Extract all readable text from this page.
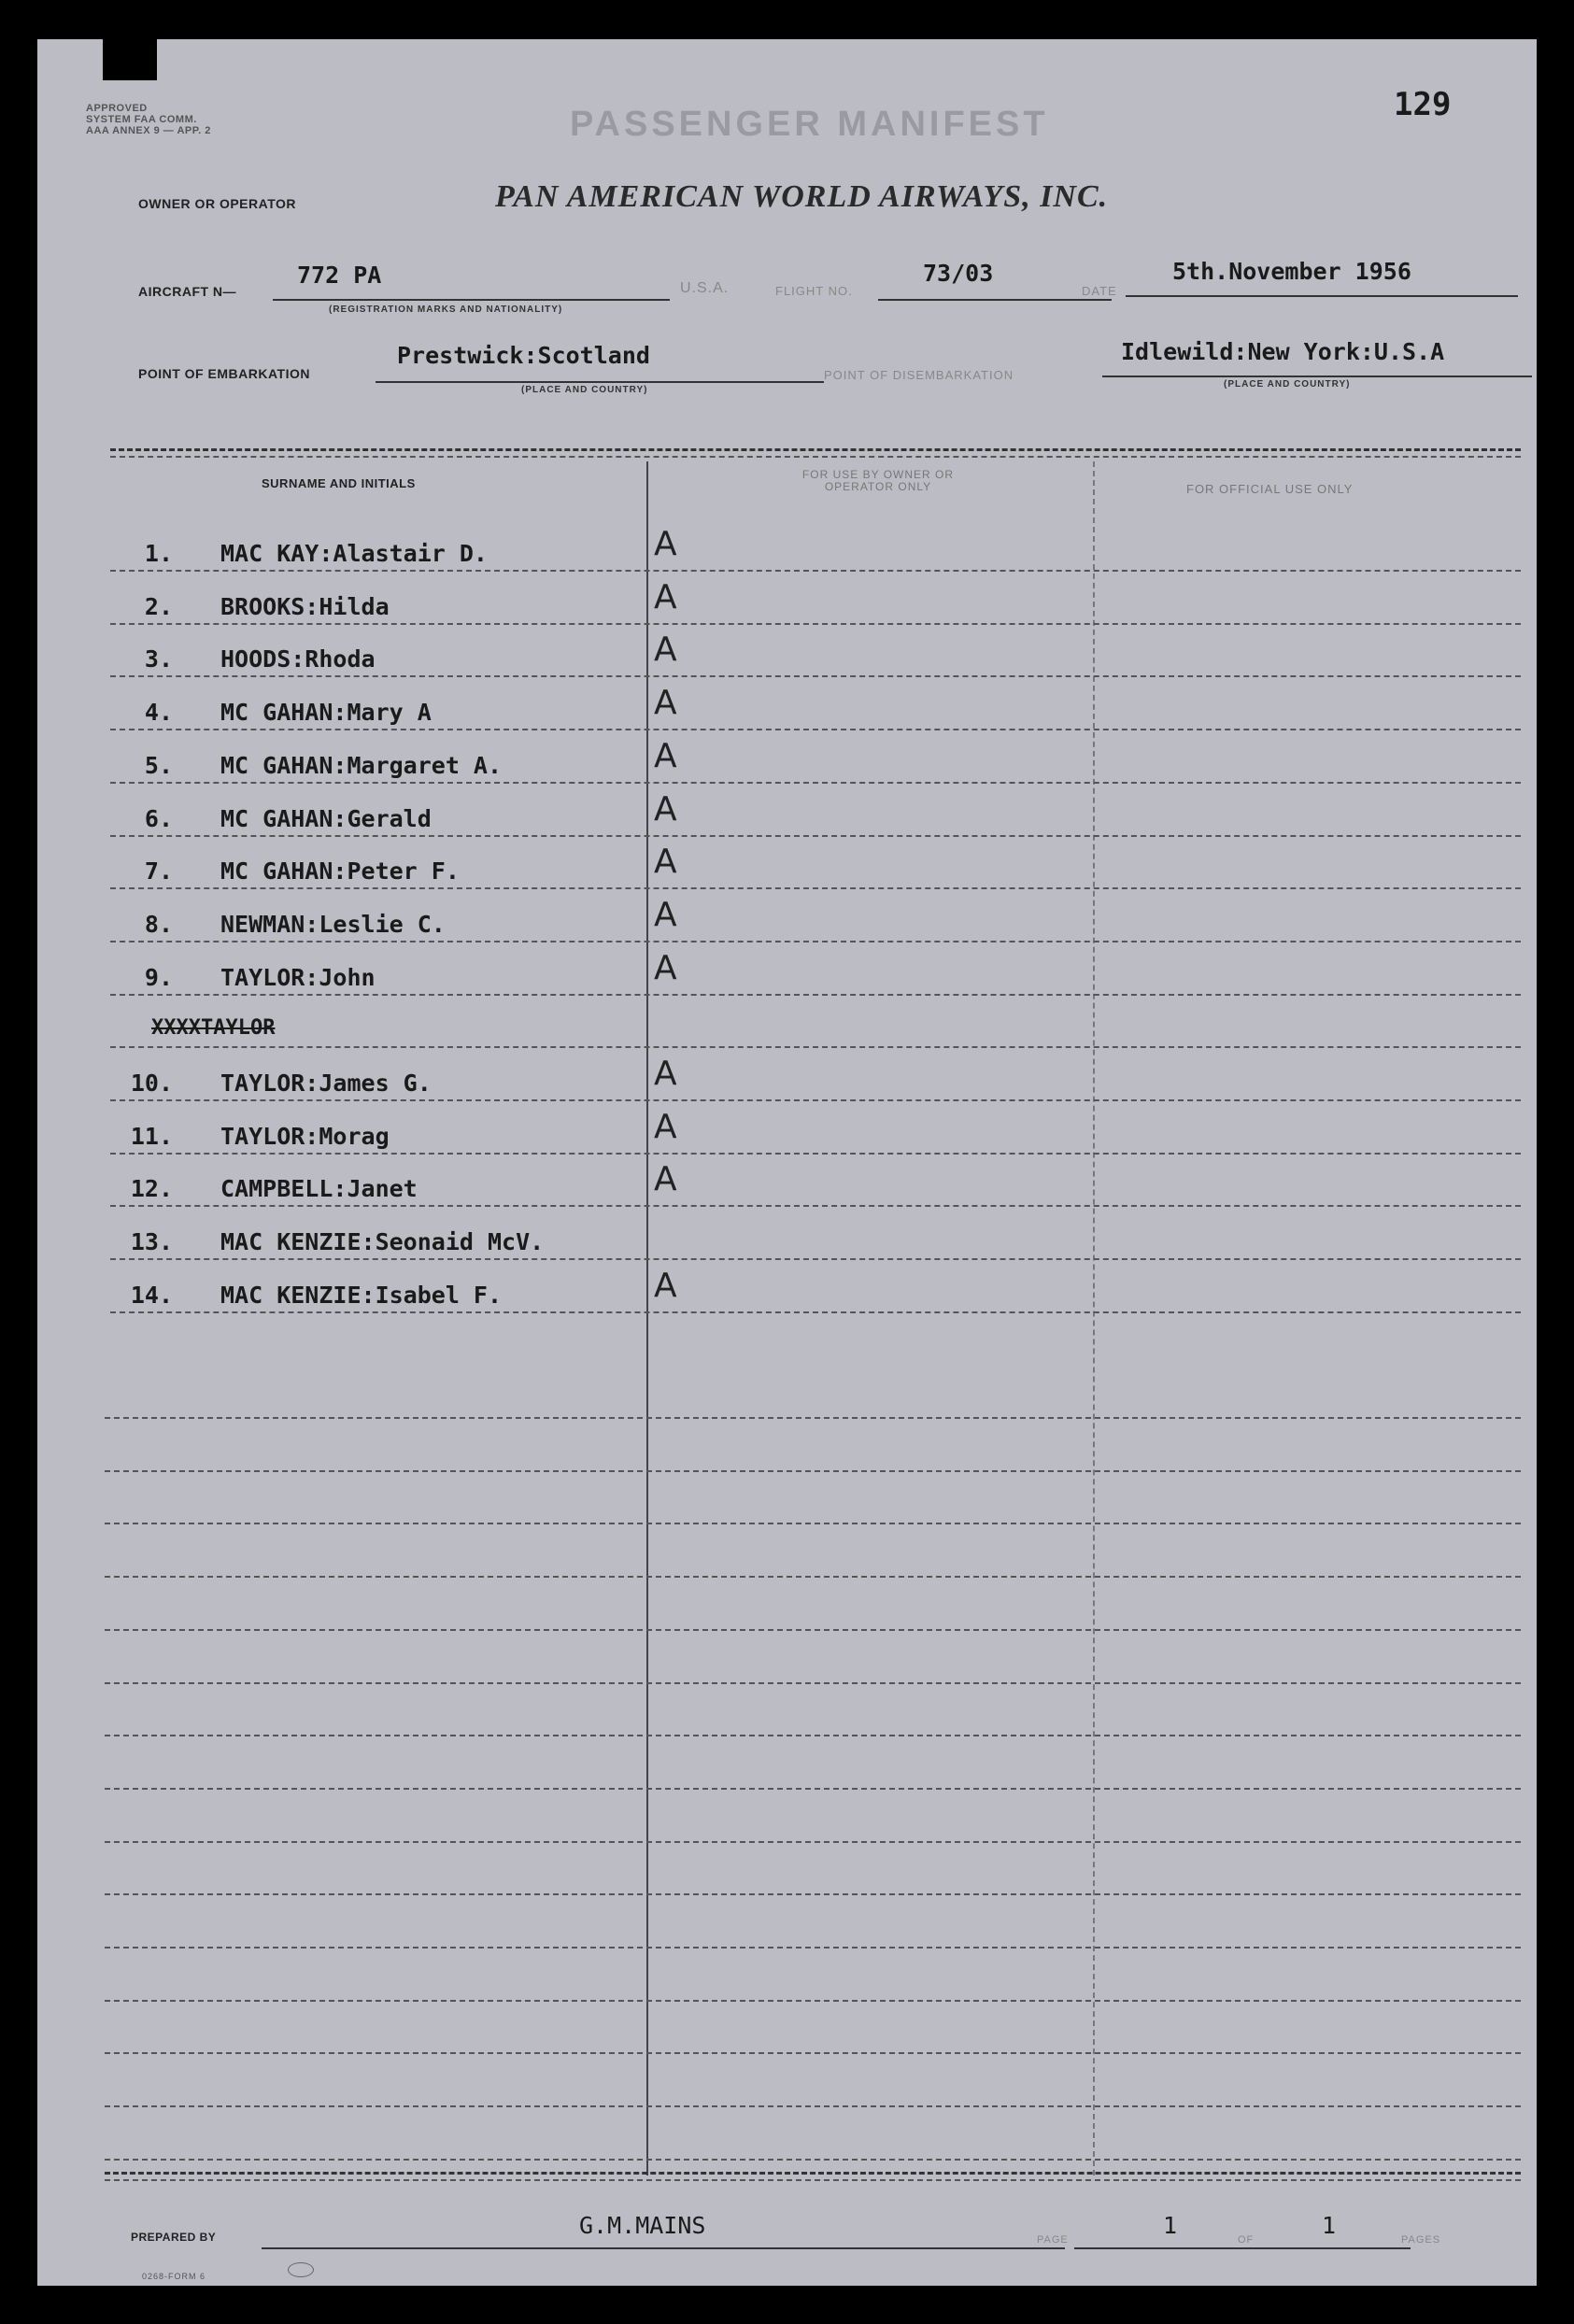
APPROVED
SYSTEM FAA COMM.
AAA ANNEX 9 — APP. 2	PASSENGER MANIFEST	129
OWNER OR OPERATOR	PAN AMERICAN WORLD AIRWAYS, INC.
AIRCRAFT N—
772 PA
(REGISTRATION MARKS AND NATIONALITY)
U.S.A.	FLIGHT NO.
73/03
DATE
5th.November 1956
POINT OF EMBARKATION
Prestwick:Scotland
(PLACE AND COUNTRY)
POINT OF DISEMBARKATION
Idlewild:New York:U.S.A
(PLACE AND COUNTRY)
SURNAME AND INITIALS
FOR USE BY OWNER OR OPERATOR ONLY	FOR OFFICIAL USE ONLY
1. MAC KAY:Alastair D.	A
2. BROOKS:Hilda	A
3. HOODS:Rhoda	A
4. MC GAHAN:Mary A	A
5. MC GAHAN:Margaret A.	A
6. MC GAHAN:Gerald	A
7. MC GAHAN:Peter F.	A
8. NEWMAN:Leslie C.	A
9. TAYLOR:John	A
XXXXTAYLOR
10. TAYLOR:James G.	A
11. TAYLOR:Morag	A
12. CAMPBELL:Janet	A
13. MAC KENZIE:Seonaid McV.
14. MAC KENZIE:Isabel F.	A
PREPARED BY	G.M.MAINS
PAGE
1
OF
1
PAGES
0268-FORM 6
